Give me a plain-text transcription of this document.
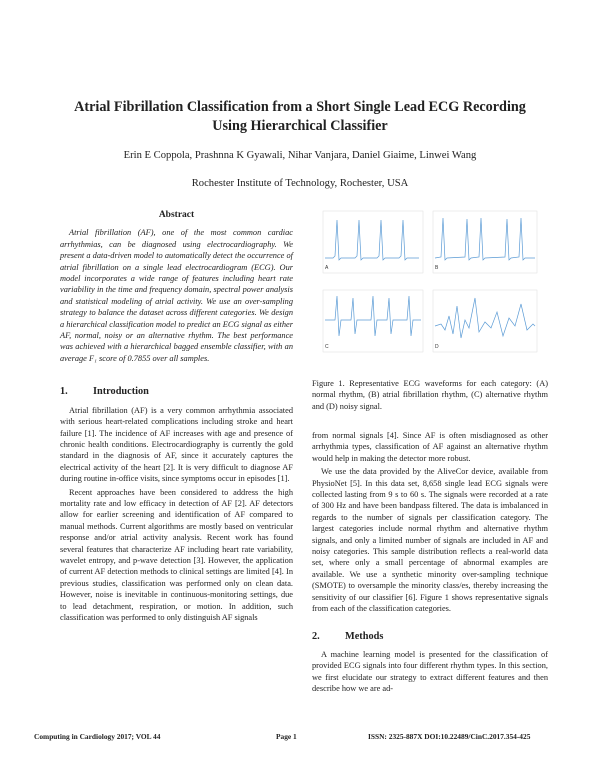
Atrial Fibrillation Classification from a Short Single Lead ECG Recording
Using Hierarchical Classifier
Erin E Coppola, Prashnna K Gyawali, Nihar Vanjara, Daniel Giaime, Linwei Wang
Rochester Institute of Technology, Rochester, USA
Abstract

Atrial fibrillation (AF), one of the most common cardiac arrhythmias, can be diagnosed using electrocardiography. We present a data-driven model to automatically detect the occurrence of atrial fibrillation on a single lead electrocardiogram (ECG). Our model incorporates a wide range of features including heart rate variability in the time and frequency domain, spectral power analysis and statistical modeling of atrial activity. We use an over-sampling strategy to balance the dataset across different categories. We design a hierarchical classification model to predict an ECG signal as either AF, normal, noisy or an alternative rhythm. The best performance was achieved with a hierarchical bagged ensemble classifier, with an average F₁ score of 0.7855 over all samples.

1.	Introduction

Atrial fibrillation (AF) is a very common arrhythmia associated with serious heart-related complications including stroke and heart failure [1]. The incidence of AF increases with age and presence of chronic health conditions. Electrocardiography is currently the gold standard in the diagnosis of AF, since it accurately captures the electrical activity of the heart [2]. It is very difficult to diagnose AF during routine in-office visits, since symptoms occur in episodes [1].

Recent approaches have been considered to address the high mortality rate and low efficacy in detection of AF [2]. AF detectors allow for earlier screening and identification of AF compared to manual methods. Current algorithms are mostly based on ventricular response and/or atrial activity analysis. Recent work has found several features that characterize AF including heart rate variability, wavelet entropy, and p-wave detection [3]. However, the application of current AF detection methods to clinical settings are limited [4]. In previous studies, classification was performed only on clean data. However, noise is inevitable in continuous-monitoring settings, due to lead detachment, respiration, or motion. In addition, such classification was performed to only distinguish AF signals

A	B
C	D

Figure 1. Representative ECG waveforms for each category: (A) normal rhythm, (B) atrial fibrillation rhythm, (C) alternative rhythm and (D) noisy signal.

from normal signals [4]. Since AF is often misdiagnosed as other arrhythmia types, classification of AF against an alternative rhythm would help in making the detector more robust.

We use the data provided by the AliveCor device, available from PhysioNet [5]. In this data set, 8,658 single lead ECG signals were collected lasting from 9 s to 60 s. The signals were recorded at a rate of 300 Hz and have been bandpass filtered. The data is imbalanced in regards to the number of signals per classification category. The largest categories include normal rhythm and alternative rhythm signals, and only a limited number of signals are included in AF and noisy categories. This sample distribution reflects a real-world data set, where only a small percentage of abnormal examples are available. We use a synthetic minority over-sampling technique (SMOTE) to oversample the minority class/es, thereby increasing the sensitivity of our classifier [6]. Figure 1 shows representative signals from each of the classification categories.

2.	Methods

A machine learning model is presented for the classification of provided ECG signals into four different rhythm types. In this section, we first elucidate our strategy to extract different features and then describe how we are ad-

Computing in Cardiology 2017; VOL 44	Page 1	ISSN: 2325-887X DOI:10.22489/CinC.2017.354-425
